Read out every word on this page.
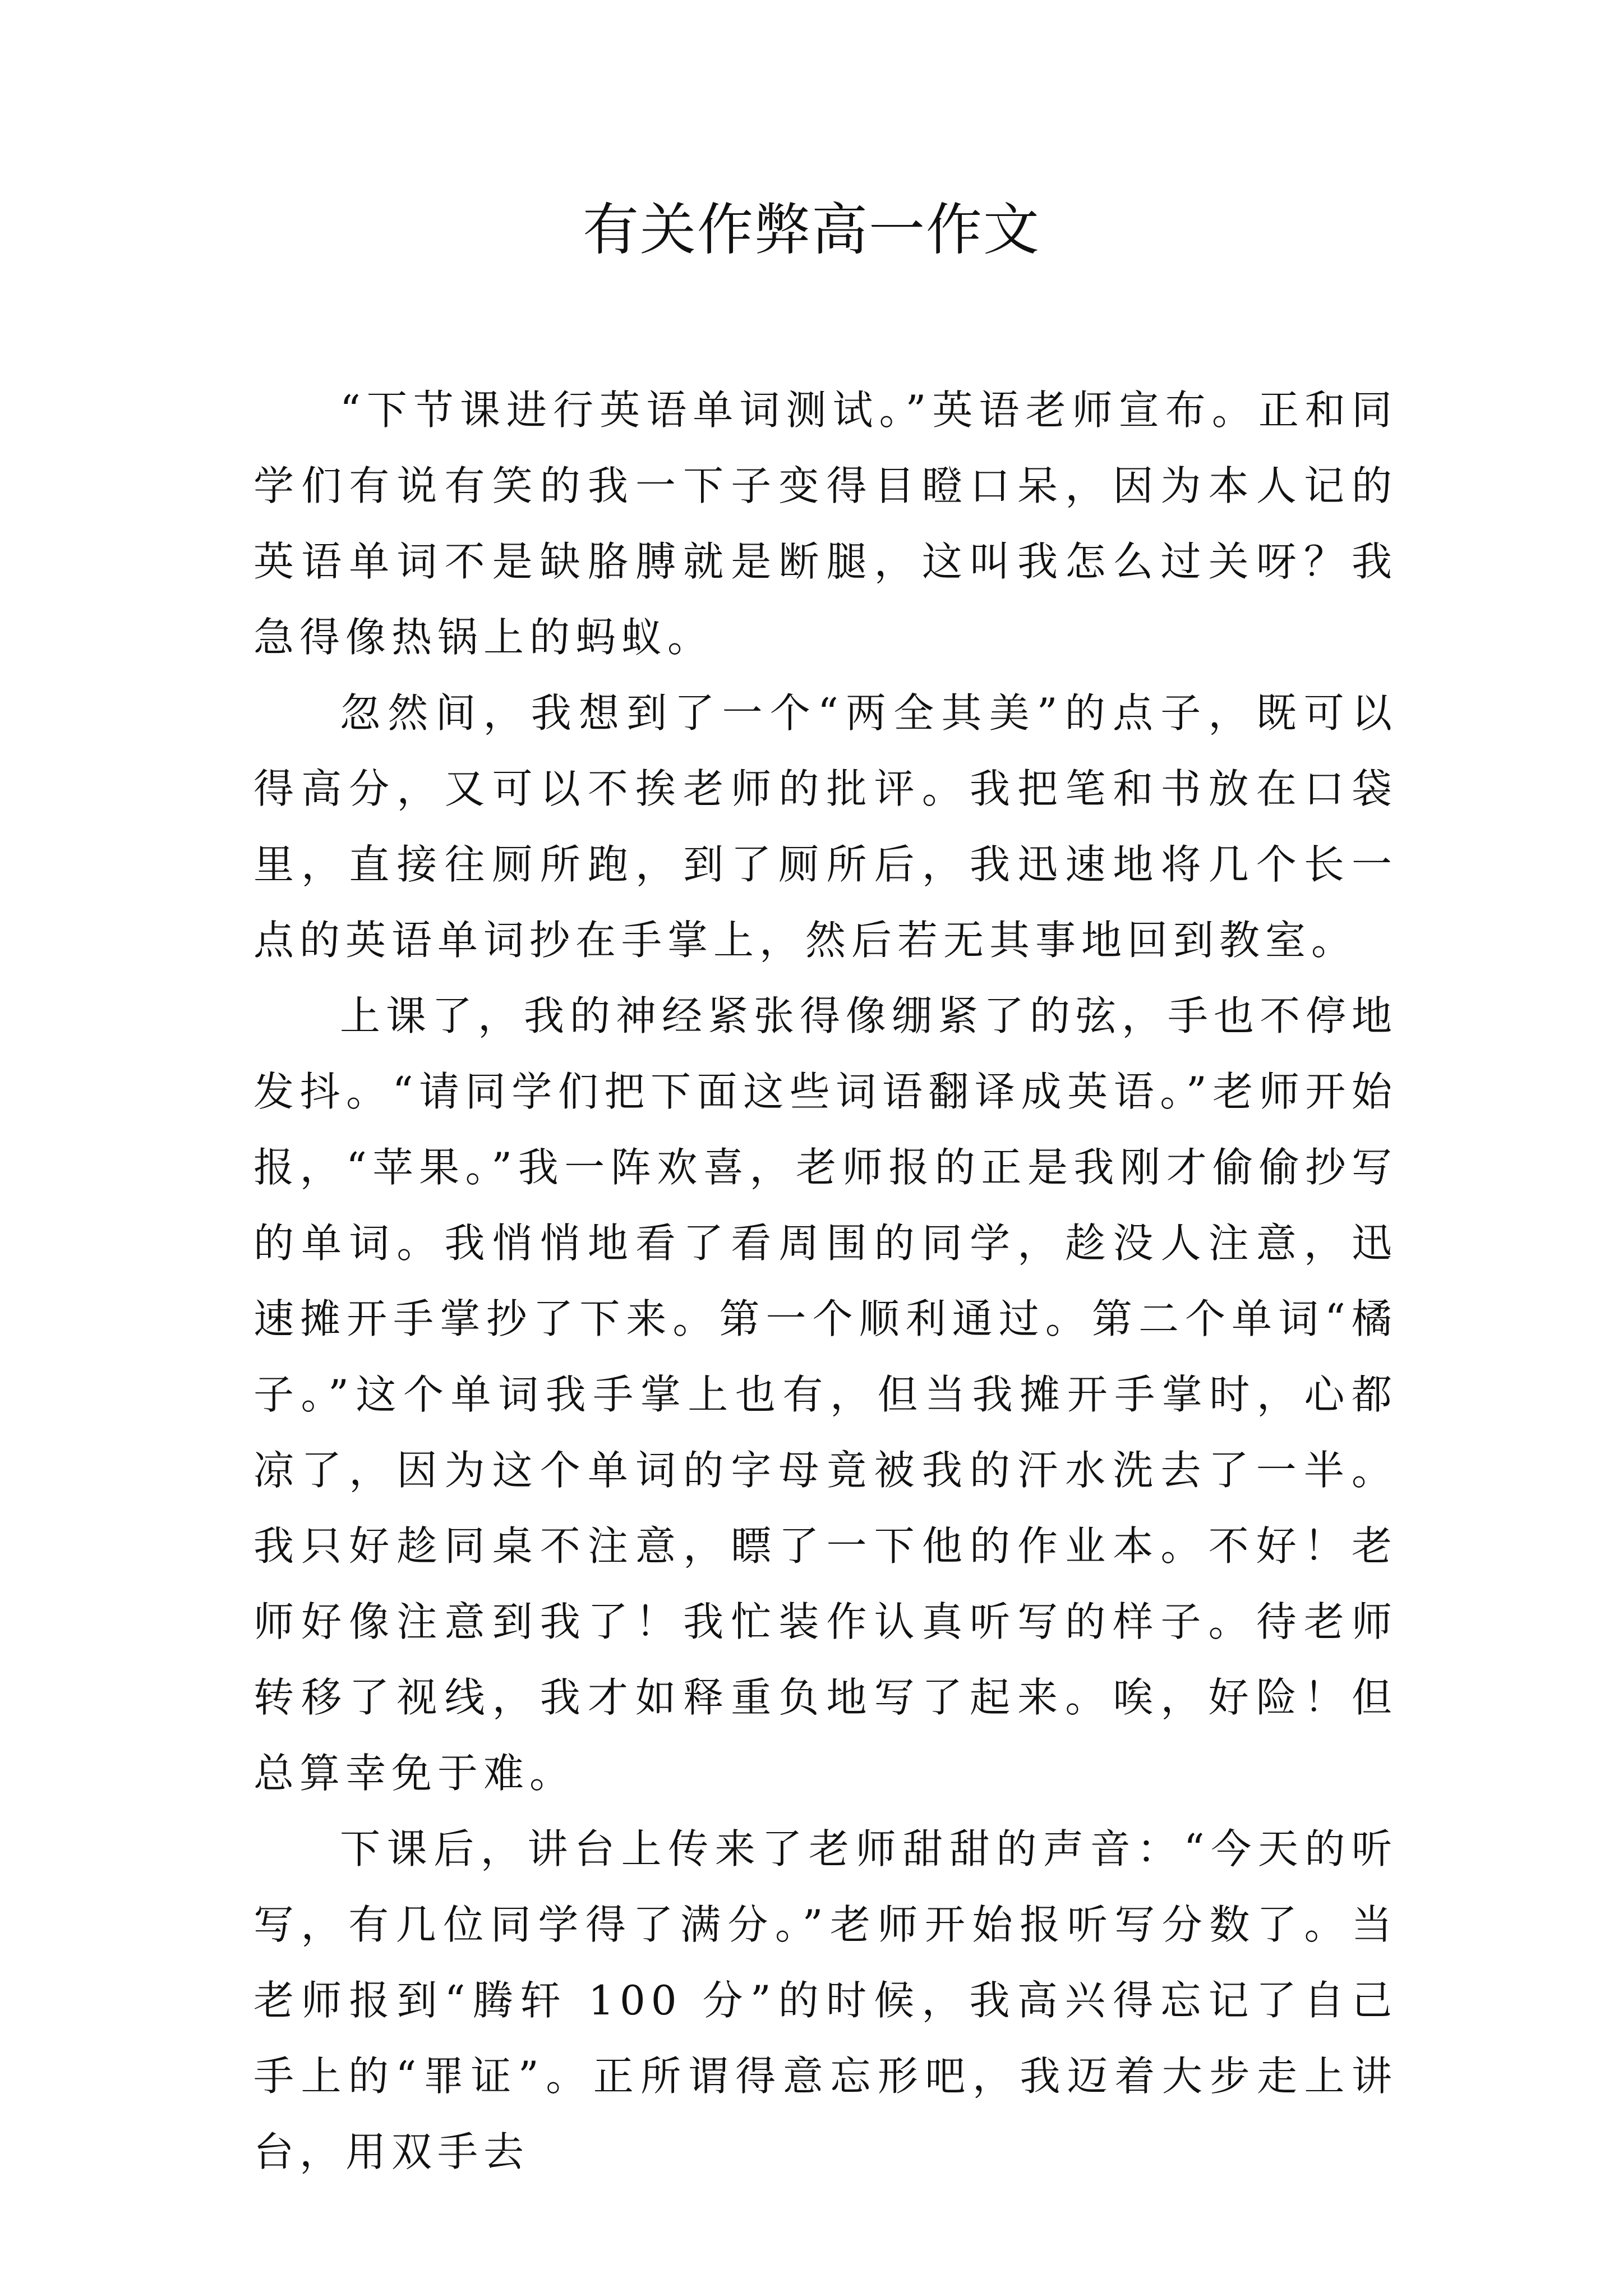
有关作弊高一作文

“下节课进行英语单词测试。”英语老师宣布。正和同学们有说有笑的我一下子变得目瞪口呆，因为本人记的英语单词不是缺胳膊就是断腿，这叫我怎么过关呀？我急得像热锅上的蚂蚁。

忽然间，我想到了一个“两全其美”的点子，既可以得高分，又可以不挨老师的批评。我把笔和书放在口袋里，直接往厕所跑，到了厕所后，我迅速地将几个长一点的英语单词抄在手掌上，然后若无其事地回到教室。

上课了，我的神经紧张得像绷紧了的弦，手也不停地发抖。“请同学们把下面这些词语翻译成英语。”老师开始报，“苹果。”我一阵欢喜，老师报的正是我刚才偷偷抄写的单词。我悄悄地看了看周围的同学，趁没人注意，迅速摊开手掌抄了下来。第一个顺利通过。第二个单词“橘子。”这个单词我手掌上也有，但当我摊开手掌时，心都凉了，因为这个单词的字母竟被我的汗水洗去了一半。我只好趁同桌不注意，瞟了一下他的作业本。不好！老师好像注意到我了！我忙装作认真听写的样子。待老师转移了视线，我才如释重负地写了起来。唉，好险！但总算幸免于难。

下课后，讲台上传来了老师甜甜的声音：“今天的听写，有几位同学得了满分。”老师开始报听写分数了。当老师报到“腾轩 100 分”的时候，我高兴得忘记了自己手上的“罪证”。正所谓得意忘形吧，我迈着大步走上讲台，用双手去
